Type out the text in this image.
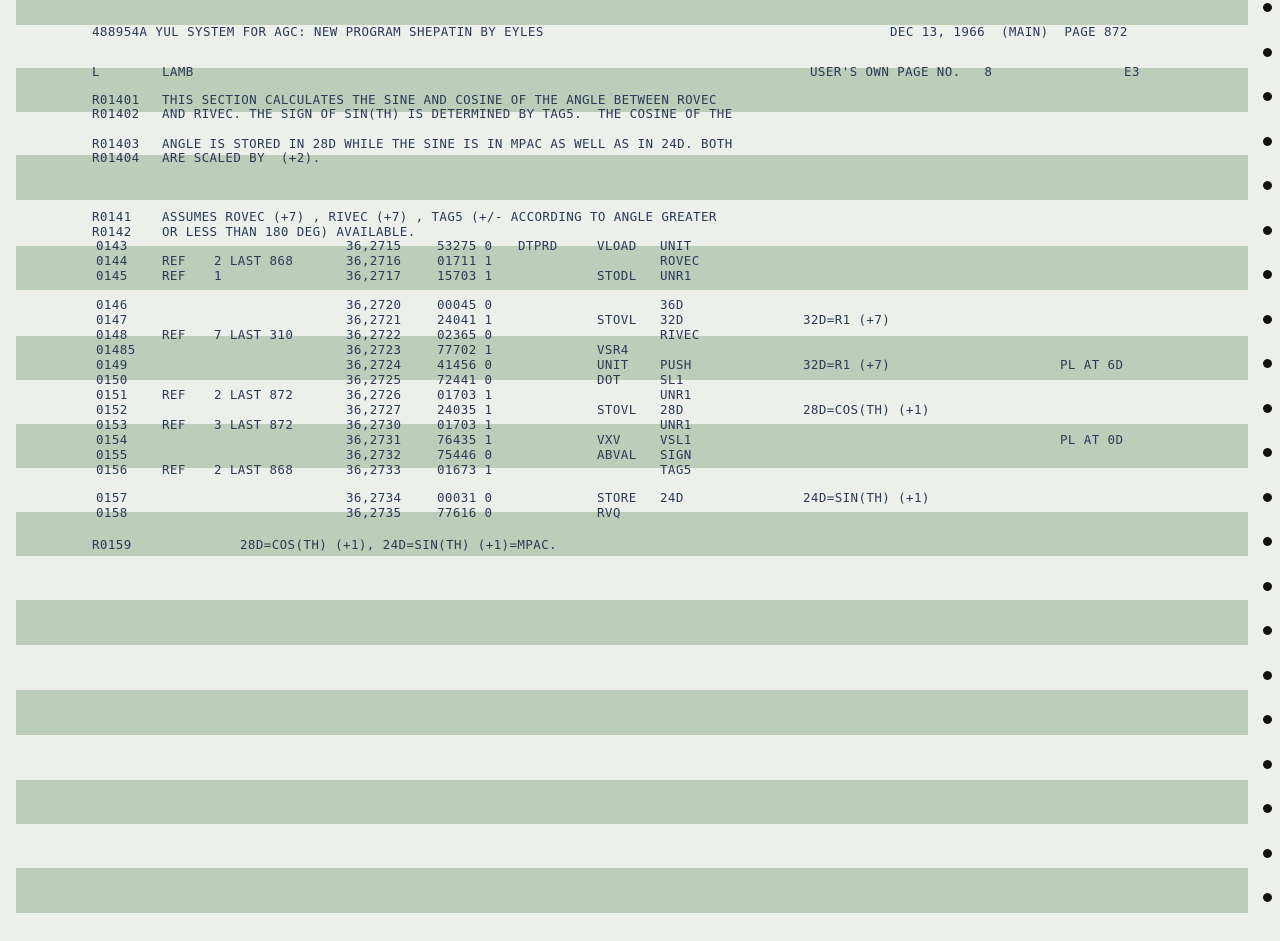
488954A YUL SYSTEM FOR AGC: NEW PROGRAM SHEPATIN BY EYLES	DEC 13, 1966  (MAIN)  PAGE 872
L	LAMB	USER'S OWN PAGE NO.   8	E3
R01401 THIS SECTION CALCULATES THE SINE AND COSINE OF THE ANGLE BETWEEN ROVEC
R01402 AND RIVEC. THE SIGN OF SIN(TH) IS DETERMINED BY TAG5.  THE COSINE OF THE
R01403 ANGLE IS STORED IN 28D WHILE THE SINE IS IN MPAC AS WELL AS IN 24D. BOTH
R01404 ARE SCALED BY  (+2).
R0141 ASSUMES ROVEC (+7) , RIVEC (+7) , TAG5 (+/- ACCORDING TO ANGLE GREATER
R0142 OR LESS THAN 180 DEG) AVAILABLE.
0143	36,2715	53275 0 DTPRD	VLOAD UNIT
0144	REF 2 LAST 868	36,2716	01711 1	ROVEC
0145	REF 1	36,2717	15703 1	STODL UNR1
0146	36,2720	00045 0	36D
0147	36,2721	24041 1	STOVL 32D	32D=R1 (+7)
0148	REF 7 LAST 310	36,2722	02365 0	RIVEC
01485	36,2723	77702 1	VSR4
0149	36,2724	41456 0	UNIT	PUSH	32D=R1 (+7)	PL AT 6D
0150	36,2725	72441 0	DOT	SL1
0151	REF 2 LAST 872	36,2726	01703 1	UNR1
0152	36,2727	24035 1	STOVL 28D	28D=COS(TH) (+1)
0153	REF 3 LAST 872	36,2730	01703 1	UNR1
0154	36,2731	76435 1	VXV	VSL1	PL AT 0D
0155	36,2732	75446 0	ABVAL SIGN
0156	REF 2 LAST 868	36,2733	01673 1	TAG5
0157	36,2734	00031 0	STORE 24D	24D=SIN(TH) (+1)
0158	36,2735	77616 0	RVQ
R0159	28D=COS(TH) (+1), 24D=SIN(TH) (+1)=MPAC.
